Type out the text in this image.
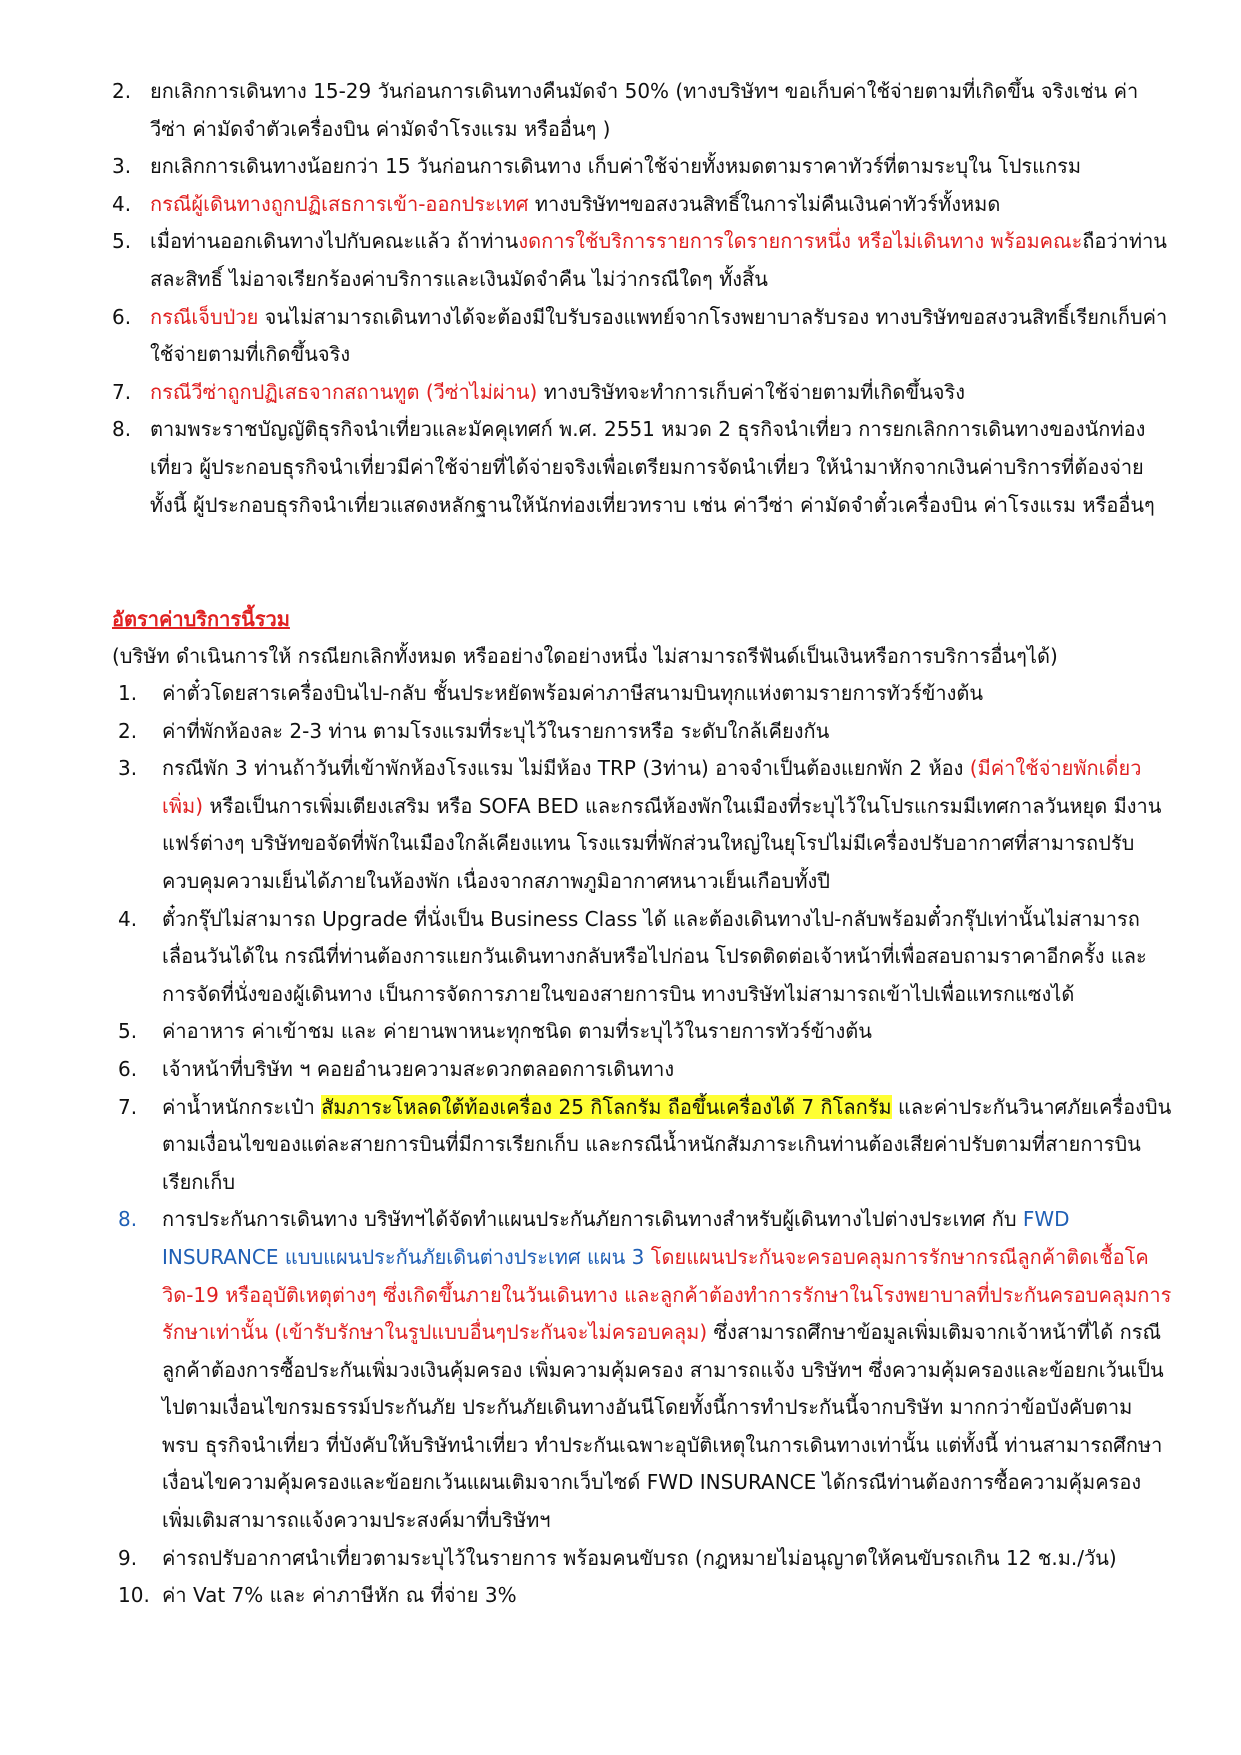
2. ยกเลิกการเดินทาง 15-29 วันก่อนการเดินทางคืนมัดจำ 50% (ทางบริษัทฯ ขอเก็บค่าใช้จ่ายตามที่เกิดขึ้น จริงเช่น ค่าวีซ่า ค่ามัดจำตัวเครื่องบิน ค่ามัดจำโรงแรม หรืออื่นๆ )
3. ยกเลิกการเดินทางน้อยกว่า 15 วันก่อนการเดินทาง เก็บค่าใช้จ่ายทั้งหมดตามราคาทัวร์ที่ตามระบุใน โปรแกรม
4. กรณีผู้เดินทางถูกปฏิเสธการเข้า-ออกประเทศ ทางบริษัทฯขอสงวนสิทธิ์ในการไม่คืนเงินค่าทัวร์ทั้งหมด
5. เมื่อท่านออกเดินทางไปกับคณะแล้ว ถ้าท่านงดการใช้บริการรายการใดรายการหนึ่ง หรือไม่เดินทาง พร้อมคณะถือว่าท่านสละสิทธิ์ ไม่อาจเรียกร้องค่าบริการและเงินมัดจำคืน ไม่ว่ากรณีใดๆ ทั้งสิ้น
6. กรณีเจ็บป่วย จนไม่สามารถเดินทางได้จะต้องมีใบรับรองแพทย์จากโรงพยาบาลรับรอง ทางบริษัทขอสงวนสิทธิ์เรียกเก็บค่าใช้จ่ายตามที่เกิดขึ้นจริง
7. กรณีวีซ่าถูกปฏิเสธจากสถานทูต (วีซ่าไม่ผ่าน) ทางบริษัทจะทำการเก็บค่าใช้จ่ายตามที่เกิดขึ้นจริง
8. ตามพระราชบัญญัติธุรกิจนำเที่ยวและมัคคุเทศก์ พ.ศ. 2551 หมวด 2 ธุรกิจนำเที่ยว การยกเลิกการเดินทางของนักท่องเที่ยว ผู้ประกอบธุรกิจนำเที่ยวมีค่าใช้จ่ายที่ได้จ่ายจริงเพื่อเตรียมการจัดนำเที่ยว ให้นำมาหักจากเงินค่าบริการที่ต้องจ่าย ทั้งนี้ ผู้ประกอบธุรกิจนำเที่ยวแสดงหลักฐานให้นักท่องเที่ยวทราบ เช่น ค่าวีซ่า ค่ามัดจำตั๋วเครื่องบิน ค่าโรงแรม หรืออื่นๆ
อัตราค่าบริการนี้รวม
(บริษัท ดำเนินการให้ กรณียกเลิกทั้งหมด หรืออย่างใดอย่างหนึ่ง ไม่สามารถรีฟันด์เป็นเงินหรือการบริการอื่นๆได้)
1. ค่าตั๋วโดยสารเครื่องบินไป-กลับ ชั้นประหยัดพร้อมค่าภาษีสนามบินทุกแห่งตามรายการทัวร์ข้างต้น
2. ค่าที่พักห้องละ 2-3 ท่าน ตามโรงแรมที่ระบุไว้ในรายการหรือ ระดับใกล้เคียงกัน
3. กรณีพัก 3 ท่านถ้าวันที่เข้าพักห้องโรงแรม ไม่มีห้อง TRP (3ท่าน) อาจจำเป็นต้องแยกพัก 2 ห้อง (มีค่าใช้จ่ายพักเดี่ยวเพิ่ม) หรือเป็นการเพิ่มเตียงเสริม หรือ SOFA BED และกรณีห้องพักในเมืองที่ระบุไว้ในโปรแกรมมีเทศกาลวันหยุด มีงานแฟร์ต่างๆ บริษัทขอจัดที่พักในเมืองใกล้เคียงแทน โรงแรมที่พักส่วนใหญ่ในยุโรปไม่มีเครื่องปรับอากาศที่สามารถปรับควบคุมความเย็นได้ภายในห้องพัก เนื่องจากสภาพภูมิอากาศหนาวเย็นเกือบทั้งปี
4. ตั๋วกรุ๊ปไม่สามารถ Upgrade ที่นั่งเป็น Business Class ได้ และต้องเดินทางไป-กลับพร้อมตั๋วกรุ๊ปเท่านั้นไม่สามารถเลื่อนวันได้ใน กรณีที่ท่านต้องการแยกวันเดินทางกลับหรือไปก่อน โปรดติดต่อเจ้าหน้าที่เพื่อสอบถามราคาอีกครั้ง และการจัดที่นั่งของผู้เดินทาง เป็นการจัดการภายในของสายการบิน ทางบริษัทไม่สามารถเข้าไปเพื่อแทรกแซงได้
5. ค่าอาหาร ค่าเข้าชม และ ค่ายานพาหนะทุกชนิด ตามที่ระบุไว้ในรายการทัวร์ข้างต้น
6. เจ้าหน้าที่บริษัท ฯ คอยอำนวยความสะดวกตลอดการเดินทาง
7. ค่าน้ำหนักกระเป๋า สัมภาระโหลดใต้ท้องเครื่อง 25 กิโลกรัม ถือขึ้นเครื่องได้ 7 กิโลกรัม และค่าประกันวินาศภัยเครื่องบินตามเงื่อนไขของแต่ละสายการบินที่มีการเรียกเก็บ และกรณีน้ำหนักสัมภาระเกินท่านต้องเสียค่าปรับตามที่สายการบินเรียกเก็บ
8. การประกันการเดินทาง บริษัทฯได้จัดทำแผนประกันภัยการเดินทางสำหรับผู้เดินทางไปต่างประเทศ กับ FWD INSURANCE แบบแผนประกันภัยเดินต่างประเทศ แผน 3 โดยแผนประกันจะครอบคลุมการรักษากรณีลูกค้าติดเชื้อโควิด-19 หรืออุบัติเหตุต่างๆ ซึ่งเกิดขึ้นภายในวันเดินทาง และลูกค้าต้องทำการรักษาในโรงพยาบาลที่ประกันครอบคลุมการรักษาเท่านั้น (เข้ารับรักษาในรูปแบบอื่นๆประกันจะไม่ครอบคลุม) ซึ่งสามารถศึกษาข้อมูลเพิ่มเติมจากเจ้าหน้าที่ได้ กรณีลูกค้าต้องการซื้อประกันเพิ่มวงเงินคุ้มครอง เพิ่มความคุ้มครอง สามารถแจ้ง บริษัทฯ ซึ่งความคุ้มครองและข้อยกเว้นเป็นไปตามเงื่อนไขกรมธรรม์ประกันภัย ประกันภัยเดินทางอันนีโดยทั้งนี้การทำประกันนี้จากบริษัท มากกว่าข้อบังคับตาม พรบ ธุรกิจนำเที่ยว ที่บังคับให้บริษัทนำเที่ยว ทำประกันเฉพาะอุบัติเหตุในการเดินทางเท่านั้น แต่ทั้งนี้ ท่านสามารถศึกษาเงื่อนไขความคุ้มครองและข้อยกเว้นแผนเติมจากเว็บไซด์ FWD INSURANCE ได้กรณีท่านต้องการซื้อความคุ้มครองเพิ่มเติมสามารถแจ้งความประสงค์มาที่บริษัทฯ
9. ค่ารถปรับอากาศนำเที่ยวตามระบุไว้ในรายการ พร้อมคนขับรถ (กฎหมายไม่อนุญาตให้คนขับรถเกิน 12 ช.ม./วัน)
10. ค่า Vat 7% และ ค่าภาษีหัก ณ ที่จ่าย 3%
